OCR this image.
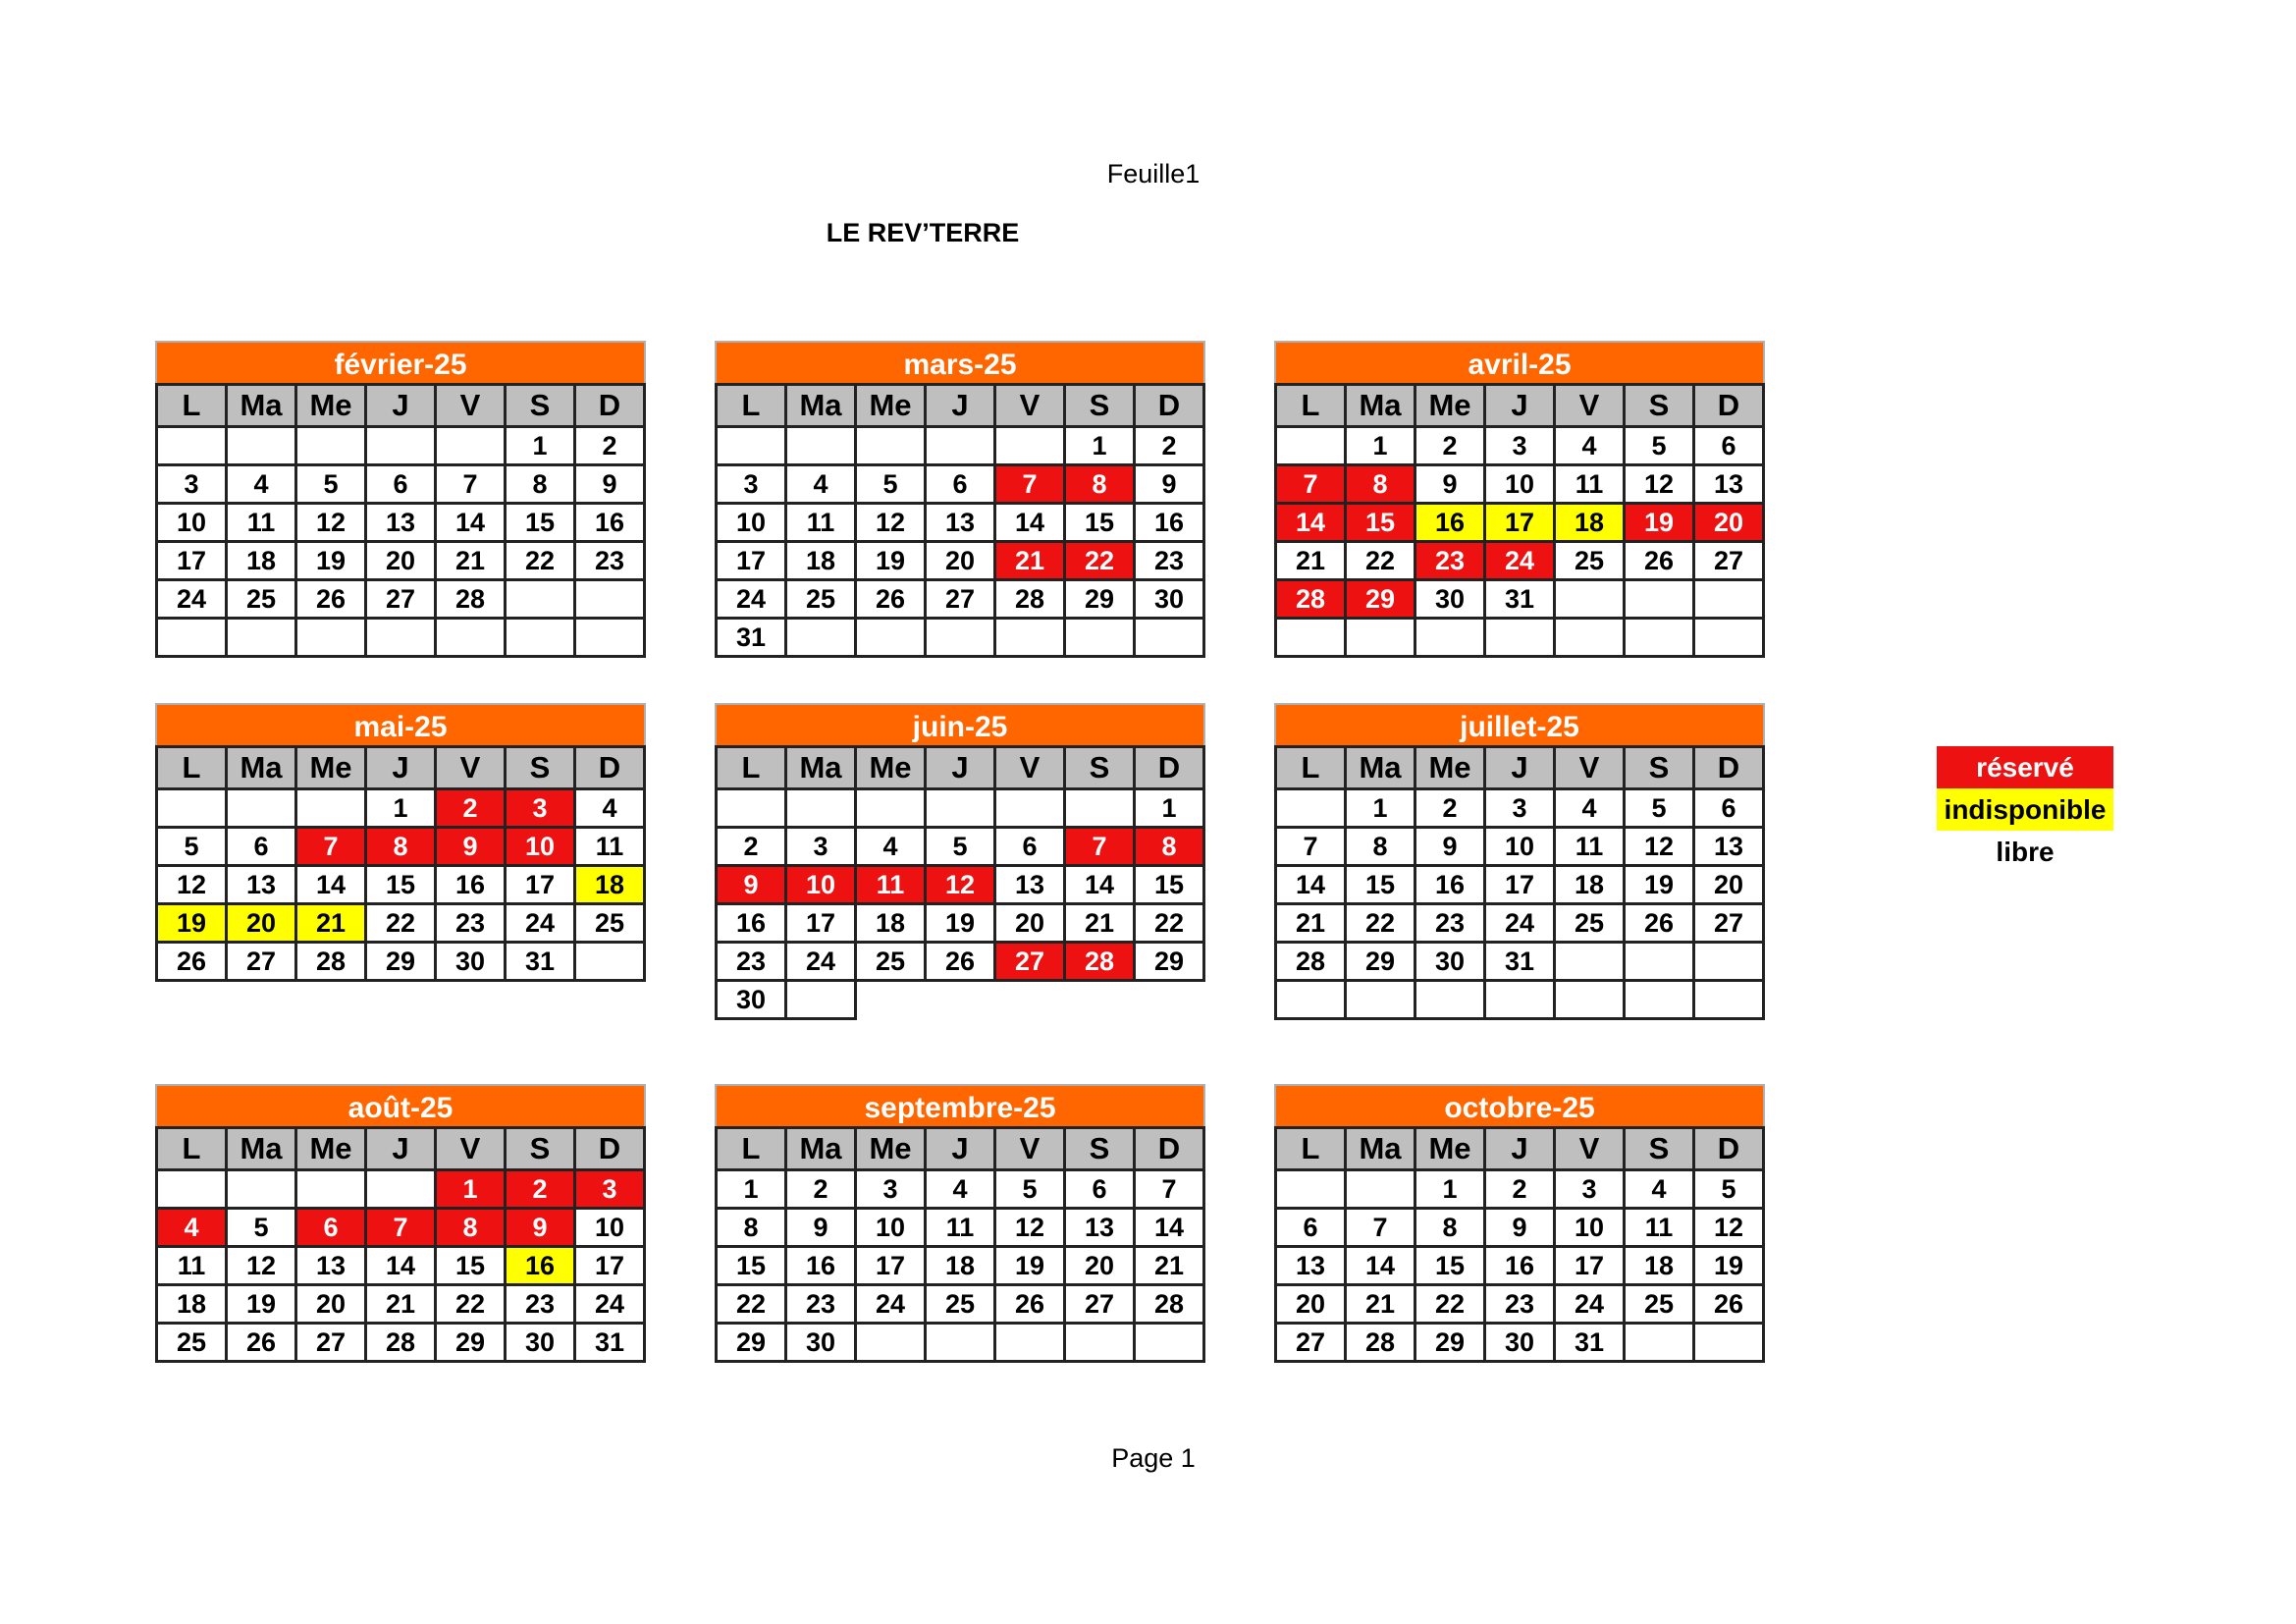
Feuille1
LE REV’TERRE
février-25
L	Ma	Me	J	V	S	D
					1	2
3	4	5	6	7	8	9
10	11	12	13	14	15	16
17	18	19	20	21	22	23
24	25	26	27	28		

mars-25
L	Ma	Me	J	V	S	D
					1	2
3	4	5	6	7	8	9
10	11	12	13	14	15	16
17	18	19	20	21	22	23
24	25	26	27	28	29	30
31						
avril-25
L	Ma	Me	J	V	S	D
	1	2	3	4	5	6
7	8	9	10	11	12	13
14	15	16	17	18	19	20
21	22	23	24	25	26	27
28	29	30	31			

mai-25
L	Ma	Me	J	V	S	D
			1	2	3	4
5	6	7	8	9	10	11
12	13	14	15	16	17	18
19	20	21	22	23	24	25
26	27	28	29	30	31	
juin-25
L	Ma	Me	J	V	S	D
						1
2	3	4	5	6	7	8
9	10	11	12	13	14	15
16	17	18	19	20	21	22
23	24	25	26	27	28	29
30						
juillet-25
L	Ma	Me	J	V	S	D
	1	2	3	4	5	6
7	8	9	10	11	12	13
14	15	16	17	18	19	20
21	22	23	24	25	26	27
28	29	30	31			

août-25
L	Ma	Me	J	V	S	D
				1	2	3
4	5	6	7	8	9	10
11	12	13	14	15	16	17
18	19	20	21	22	23	24
25	26	27	28	29	30	31
septembre-25
L	Ma	Me	J	V	S	D
1	2	3	4	5	6	7
8	9	10	11	12	13	14
15	16	17	18	19	20	21
22	23	24	25	26	27	28
29	30					
octobre-25
L	Ma	Me	J	V	S	D
		1	2	3	4	5
6	7	8	9	10	11	12
13	14	15	16	17	18	19
20	21	22	23	24	25	26
27	28	29	30	31		
réservé
indisponible
libre
Page 1
